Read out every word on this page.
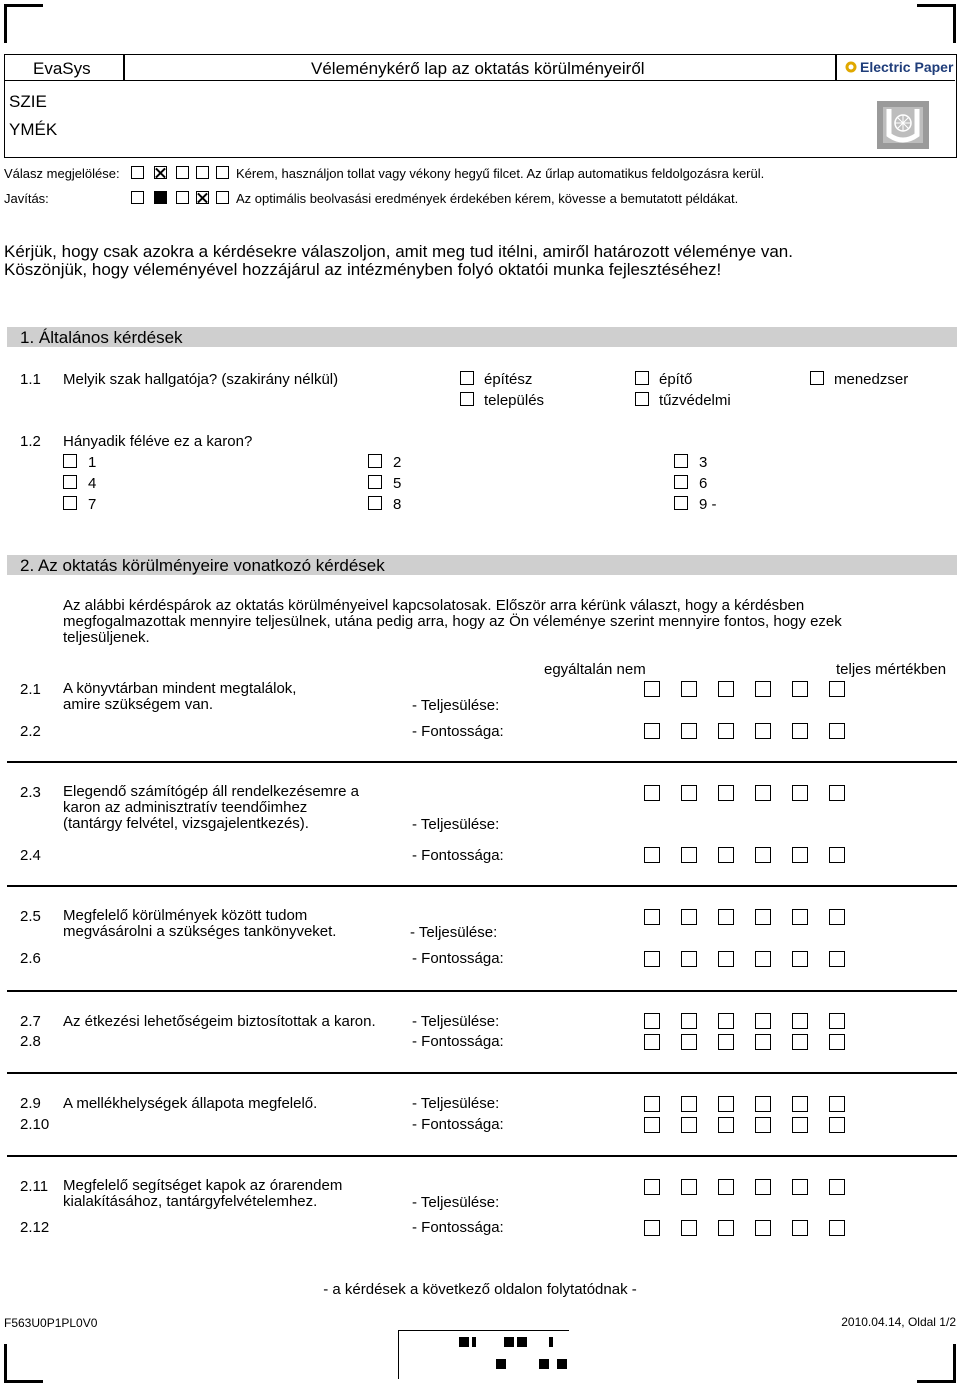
EvaSys	Véleménykérő lap az oktatás körülményeiről	Electric Paper
SZIE
YMÉK
Válasz megjelölése:	Kérem, használjon tollat vagy vékony hegyű filcet. Az űrlap automatikus feldolgozásra kerül.
Javítás:	Az optimális beolvasási eredmények érdekében kérem, kövesse a bemutatott példákat.
Kérjük, hogy csak azokra a kérdésekre válaszoljon, amit meg tud itélni, amiről határozott véleménye van.
Köszönjük, hogy véleményével hozzájárul az intézményben folyó oktatói munka fejlesztéséhez!
1. Általános kérdések
1.1 Melyik szak hallgatója? (szakirány nélkül)	építész	építő	menedzser
település	tűzvédelmi
1.2 Hányadik féléve ez a karon?
1	2	3
4	5	6
7	8	9 -
2. Az oktatás körülményeire vonatkozó kérdések
Az alábbi kérdéspárok az oktatás körülményeivel kapcsolatosak. Először arra kérünk választ, hogy a kérdésben megfogalmazottak mennyire teljesülnek, utána pedig arra, hogy az Ön véleménye szerint mennyire fontos, hogy ezek teljesüljenek.
egyáltalán nem	teljes mértékben
2.1 A könyvtárban mindent megtalálok, amire szükségem van.	- Teljesülése:
2.2	- Fontossága:
2.3 Elegendő számítógép áll rendelkezésemre a karon az adminisztratív teendőimhez (tantárgy felvétel, vizsgajelentkezés).	- Teljesülése:
2.4	- Fontossága:
2.5 Megfelelő körülmények között tudom megvásárolni a szükséges tankönyveket.	- Teljesülése:
2.6	- Fontossága:
2.7 Az étkezési lehetőségeim biztosítottak a karon. - Teljesülése:
2.8	- Fontossága:
2.9 A mellékhelységek állapota megfelelő.	- Teljesülése:
2.10	- Fontossága:
2.11 Megfelelő segítséget kapok az órarendem kialakításához, tantárgyfelvételemhez.	- Teljesülése:
2.12	- Fontossága:
- a kérdések a következő oldalon folytatódnak -
F563U0P1PL0V0	2010.04.14, Oldal 1/2
